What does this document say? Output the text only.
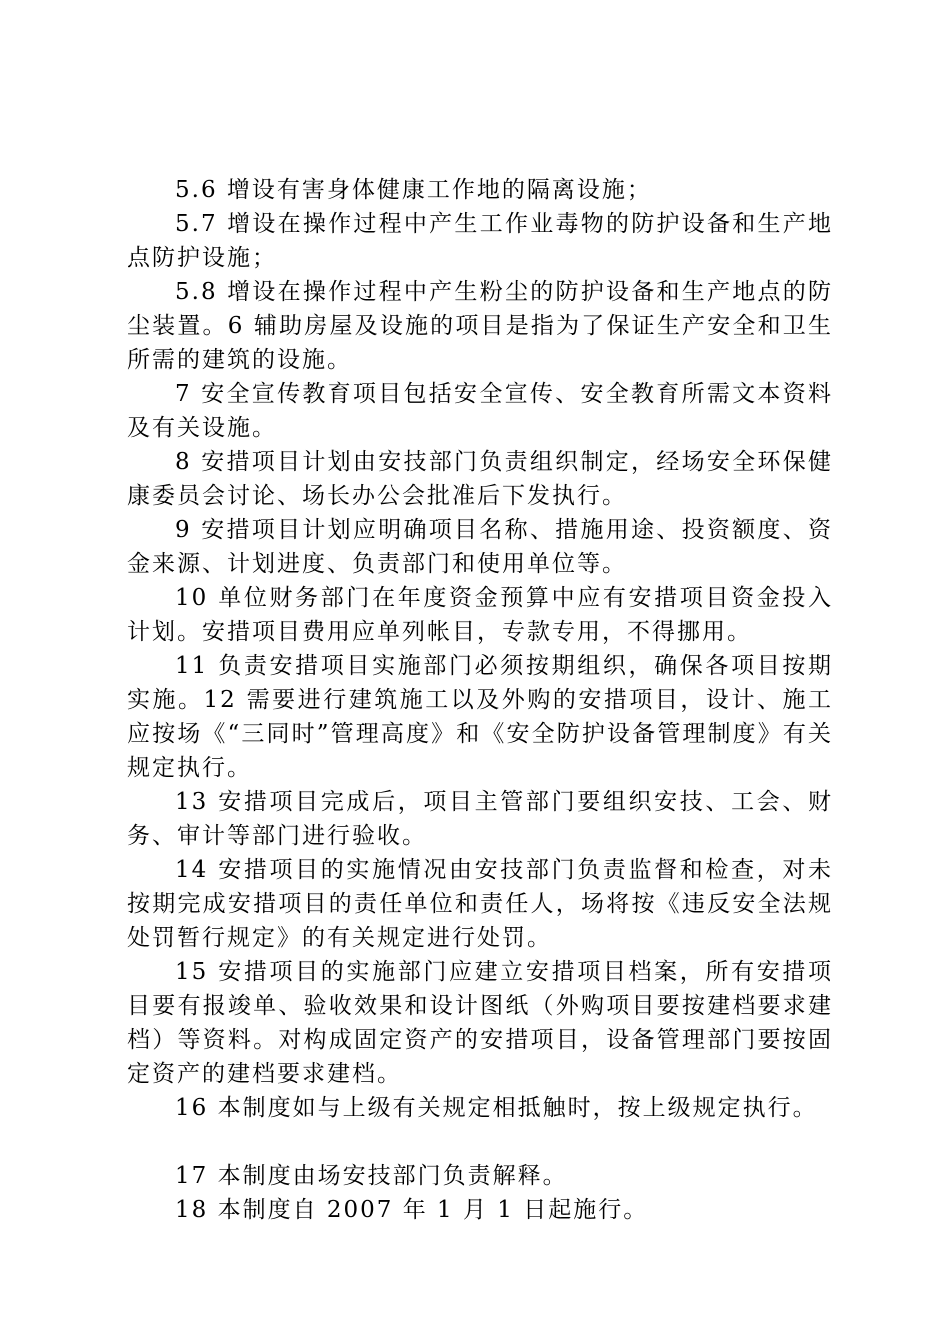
5.6 增设有害身体健康工作地的隔离设施；

5.7 增设在操作过程中产生工作业毒物的防护设备和生产地点防护设施；

5.8 增设在操作过程中产生粉尘的防护设备和生产地点的防尘装置。6 辅助房屋及设施的项目是指为了保证生产安全和卫生所需的建筑的设施。

7 安全宣传教育项目包括安全宣传、安全教育所需文本资料及有关设施。

8 安措项目计划由安技部门负责组织制定，经场安全环保健康委员会讨论、场长办公会批准后下发执行。

9 安措项目计划应明确项目名称、措施用途、投资额度、资金来源、计划进度、负责部门和使用单位等。

10 单位财务部门在年度资金预算中应有安措项目资金投入计划。安措项目费用应单列帐目，专款专用，不得挪用。

11 负责安措项目实施部门必须按期组织，确保各项目按期实施。12 需要进行建筑施工以及外购的安措项目，设计、施工应按场《“三同时”管理高度》和《安全防护设备管理制度》有关规定执行。

13 安措项目完成后，项目主管部门要组织安技、工会、财务、审计等部门进行验收。

14 安措项目的实施情况由安技部门负责监督和检查，对未按期完成安措项目的责任单位和责任人，场将按《违反安全法规处罚暂行规定》的有关规定进行处罚。

15 安措项目的实施部门应建立安措项目档案，所有安措项目要有报竣单、验收效果和设计图纸（外购项目要按建档要求建档）等资料。对构成固定资产的安措项目，设备管理部门要按固定资产的建档要求建档。

16 本制度如与上级有关规定相抵触时，按上级规定执行。

17 本制度由场安技部门负责解释。

18 本制度自 2007 年 1 月 1 日起施行。
